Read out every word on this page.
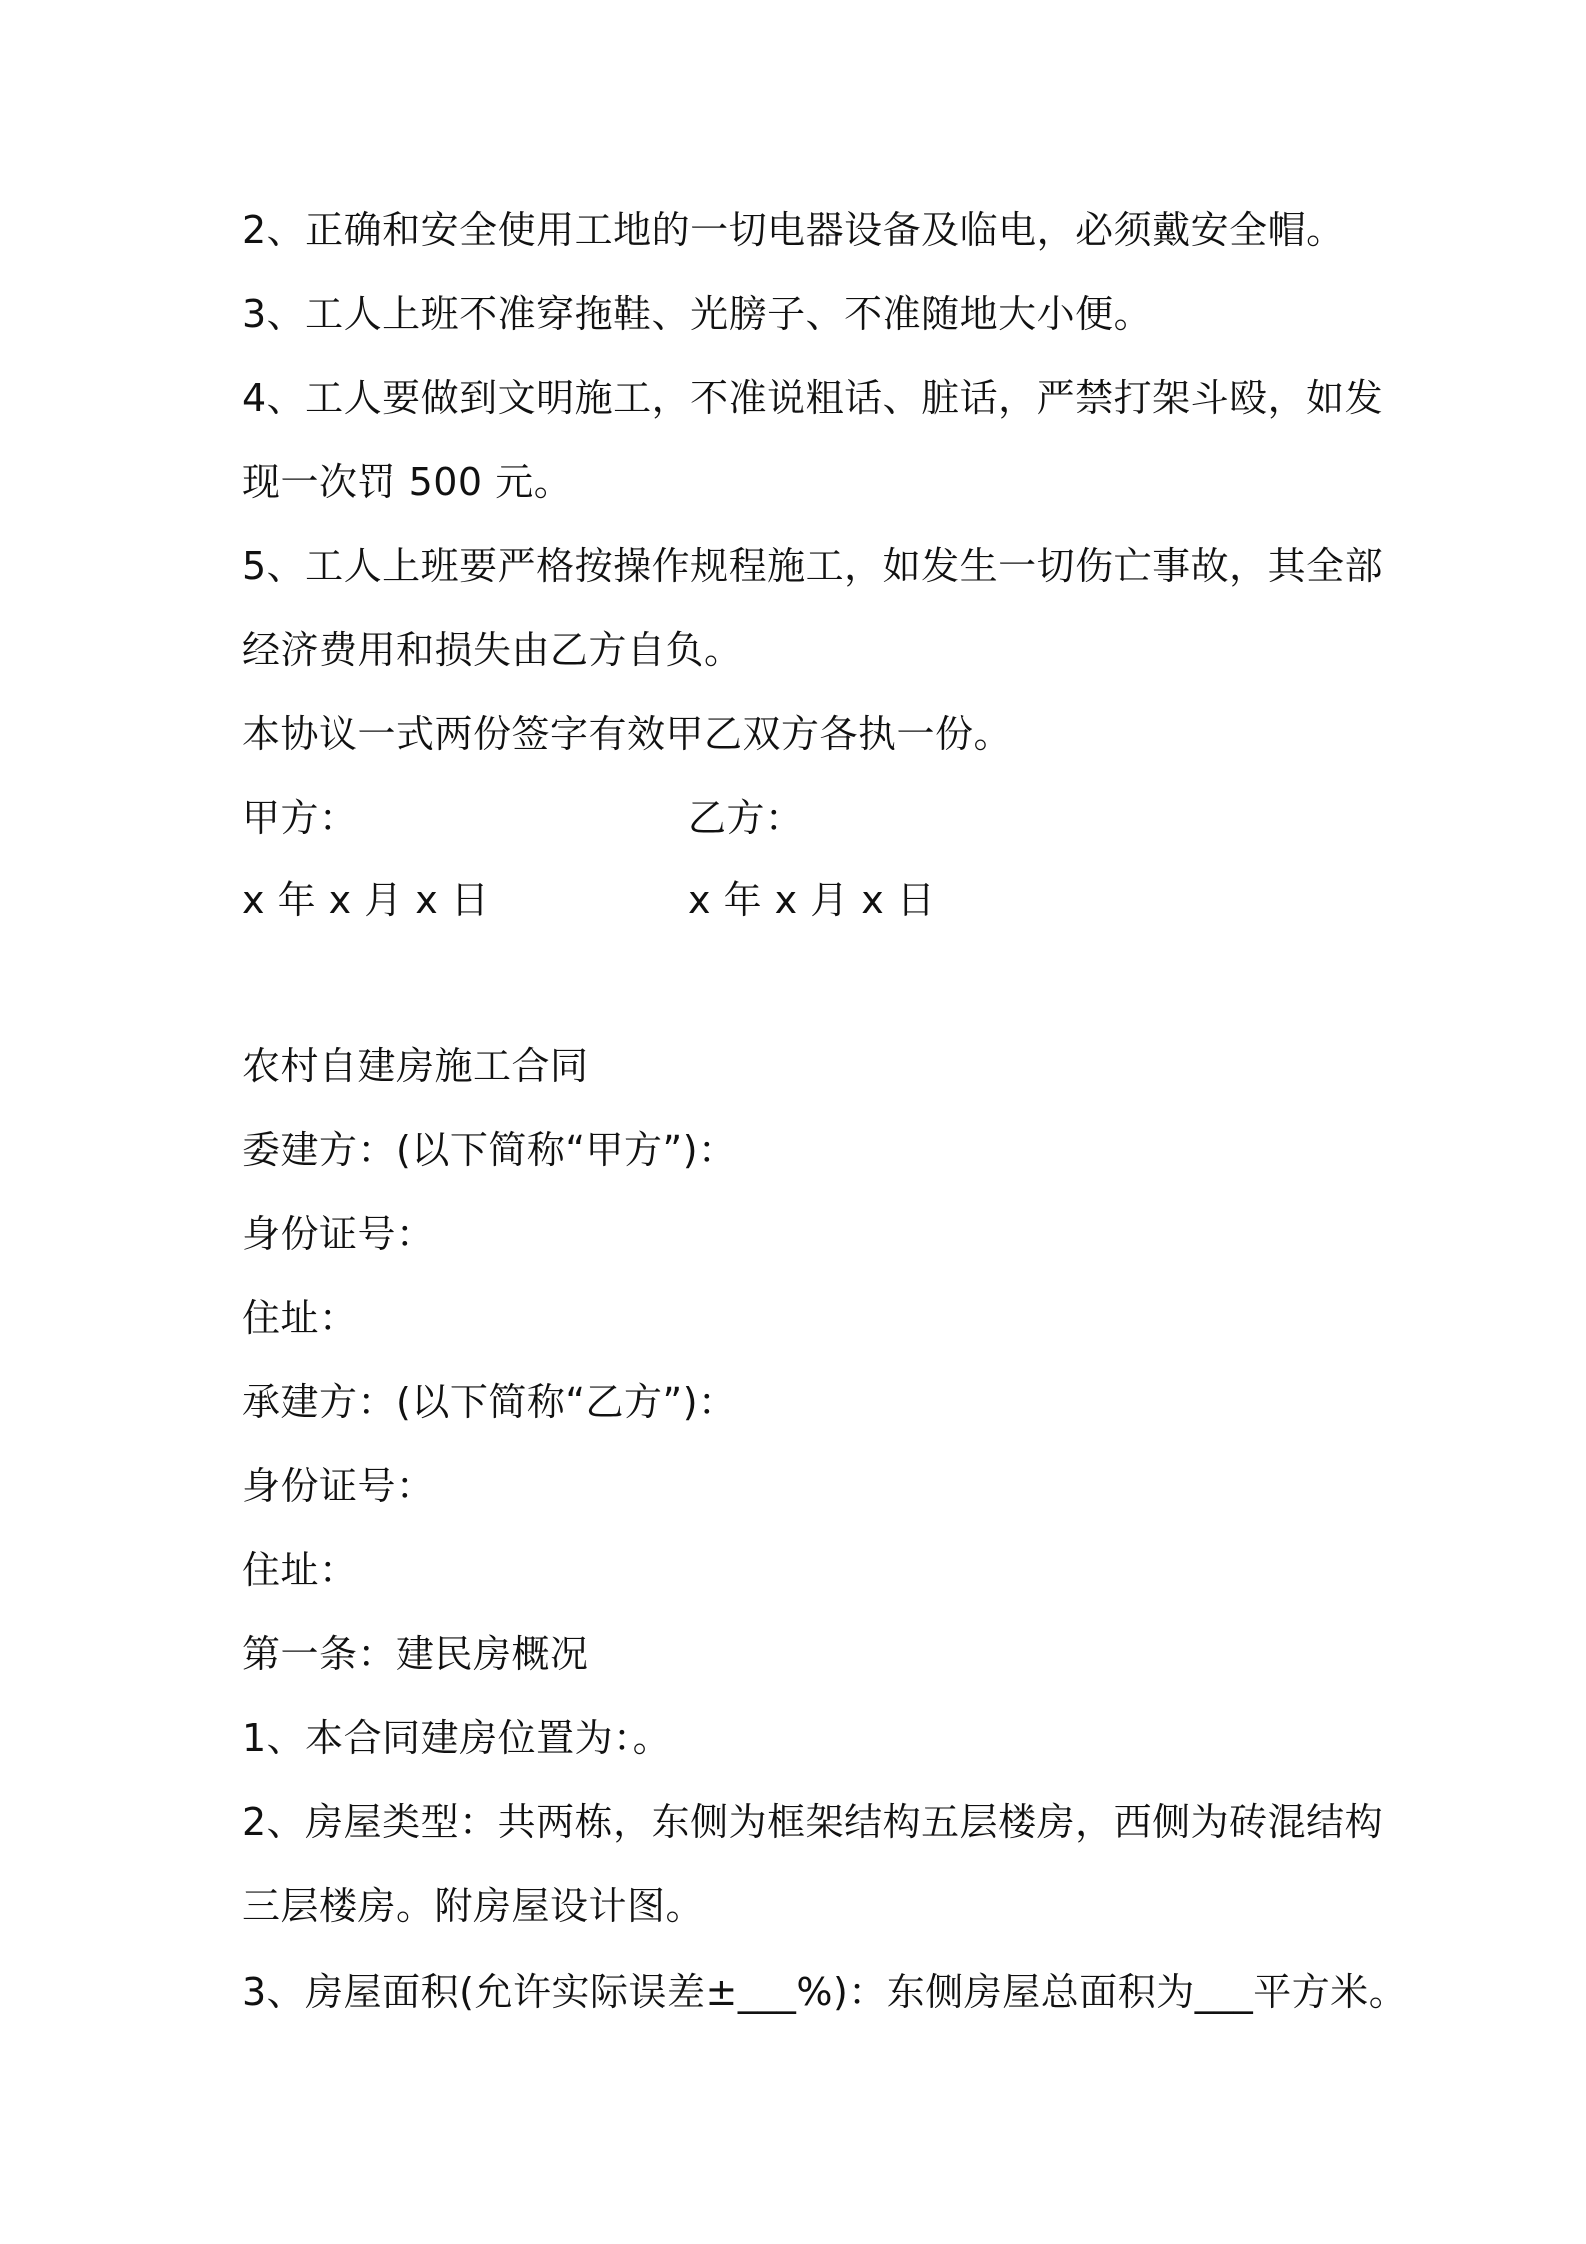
2、正确和安全使用工地的一切电器设备及临电，必须戴安全帽。
3、工人上班不准穿拖鞋、光膀子、不准随地大小便。
4、工人要做到文明施工，不准说粗话、脏话，严禁打架斗殴，如发
现一次罚 500 元。
5、工人上班要严格按操作规程施工，如发生一切伤亡事故，其全部
经济费用和损失由乙方自负。
本协议一式两份签字有效甲乙双方各执一份。
甲方：	乙方：
x 年 x 月 x 日	x 年 x 月 x 日
农村自建房施工合同
委建方：(以下简称“甲方”)：
身份证号：
住址：
承建方：(以下简称“乙方”)：
身份证号：
住址：
第一条：建民房概况
1、本合同建房位置为：。
2、房屋类型：共两栋，东侧为框架结构五层楼房，西侧为砖混结构
三层楼房。附房屋设计图。
3、房屋面积(允许实际误差±___%)：东侧房屋总面积为___平方米。
